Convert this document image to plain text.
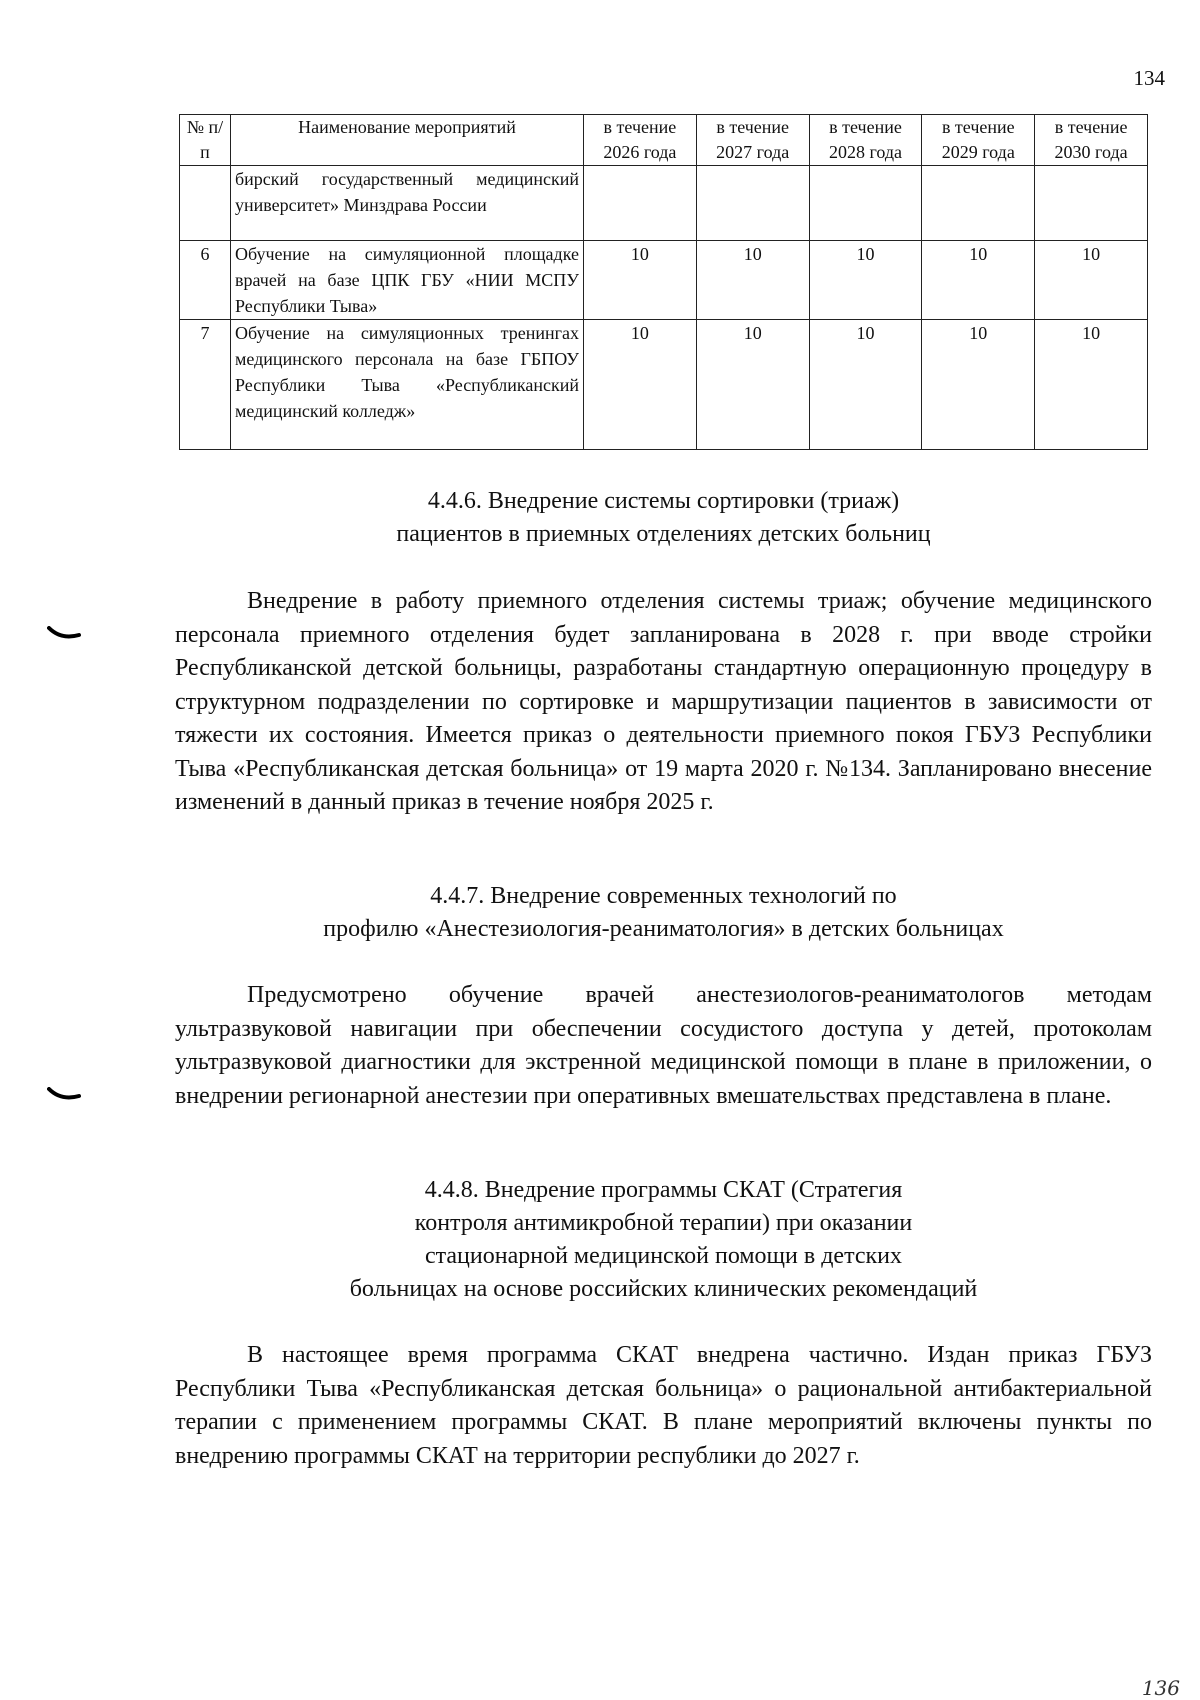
134
№ п/п	Наименование мероприятий	в течение 2026 года	в течение 2027 года	в течение 2028 года	в течение 2029 года	в течение 2030 года
	бирский государственный медицинский университет» Минздрава России					
6	Обучение на симуляционной площадке врачей на базе ЦПК ГБУ «НИИ МСПУ Республики Тыва»	10	10	10	10	10
7	Обучение на симуляционных тренингах медицинского персонала на базе ГБПОУ Республики Тыва «Республиканский медицинский колледж»	10	10	10	10	10
4.4.6. Внедрение системы сортировки (триаж)
пациентов в приемных отделениях детских больниц
Внедрение в работу приемного отделения системы триаж; обучение медицинского персонала приемного отделения будет запланирована в 2028 г. при вводе стройки Республиканской детской больницы, разработаны стандартную операционную процедуру в структурном подразделении по сортировке и маршрутизации пациентов в зависимости от тяжести их состояния. Имеется приказ о деятельности приемного покоя ГБУЗ Республики Тыва «Республиканская детская больница» от 19 марта 2020 г. №134. Запланировано внесение изменений в данный приказ в течение ноября 2025 г.
4.4.7. Внедрение современных технологий по
профилю «Анестезиология-реаниматология» в детских больницах
Предусмотрено обучение врачей анестезиологов-реаниматологов методам ультразвуковой навигации при обеспечении сосудистого доступа у детей, протоколам ультразвуковой диагностики для экстренной медицинской помощи в плане в приложении, о внедрении регионарной анестезии при оперативных вмешательствах представлена в плане.
4.4.8. Внедрение программы СКАТ (Стратегия
контроля антимикробной терапии) при оказании
стационарной медицинской помощи в детских
больницах на основе российских клинических рекомендаций
В настоящее время программа СКАТ внедрена частично. Издан приказ ГБУЗ Республики Тыва «Республиканская детская больница» о рациональной антибактериальной терапии с применением программы СКАТ. В плане мероприятий включены пункты по внедрению программы СКАТ на территории республики до 2027 г.
136
